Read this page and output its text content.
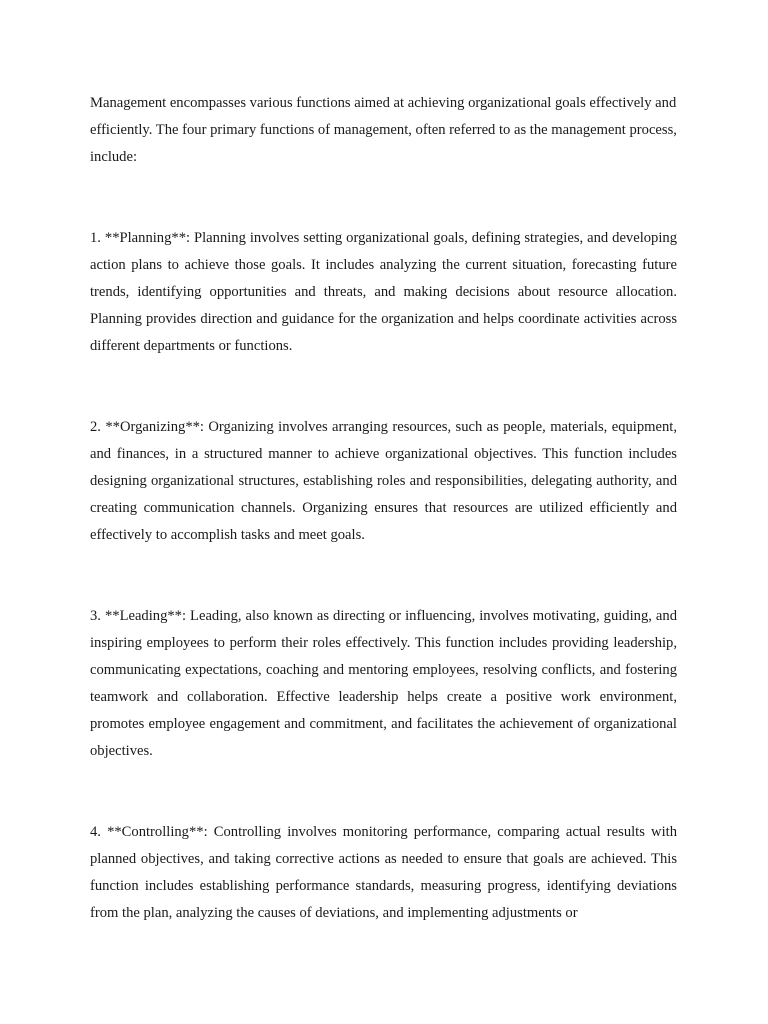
Management encompasses various functions aimed at achieving organizational goals effectively and efficiently. The four primary functions of management, often referred to as the management process, include:

1. **Planning**: Planning involves setting organizational goals, defining strategies, and developing action plans to achieve those goals. It includes analyzing the current situation, forecasting future trends, identifying opportunities and threats, and making decisions about resource allocation. Planning provides direction and guidance for the organization and helps coordinate activities across different departments or functions.

2. **Organizing**: Organizing involves arranging resources, such as people, materials, equipment, and finances, in a structured manner to achieve organizational objectives. This function includes designing organizational structures, establishing roles and responsibilities, delegating authority, and creating communication channels. Organizing ensures that resources are utilized efficiently and effectively to accomplish tasks and meet goals.

3. **Leading**: Leading, also known as directing or influencing, involves motivating, guiding, and inspiring employees to perform their roles effectively. This function includes providing leadership, communicating expectations, coaching and mentoring employees, resolving conflicts, and fostering teamwork and collaboration. Effective leadership helps create a positive work environment, promotes employee engagement and commitment, and facilitates the achievement of organizational objectives.

4. **Controlling**: Controlling involves monitoring performance, comparing actual results with planned objectives, and taking corrective actions as needed to ensure that goals are achieved. This function includes establishing performance standards, measuring progress, identifying deviations from the plan, analyzing the causes of deviations, and implementing adjustments or
